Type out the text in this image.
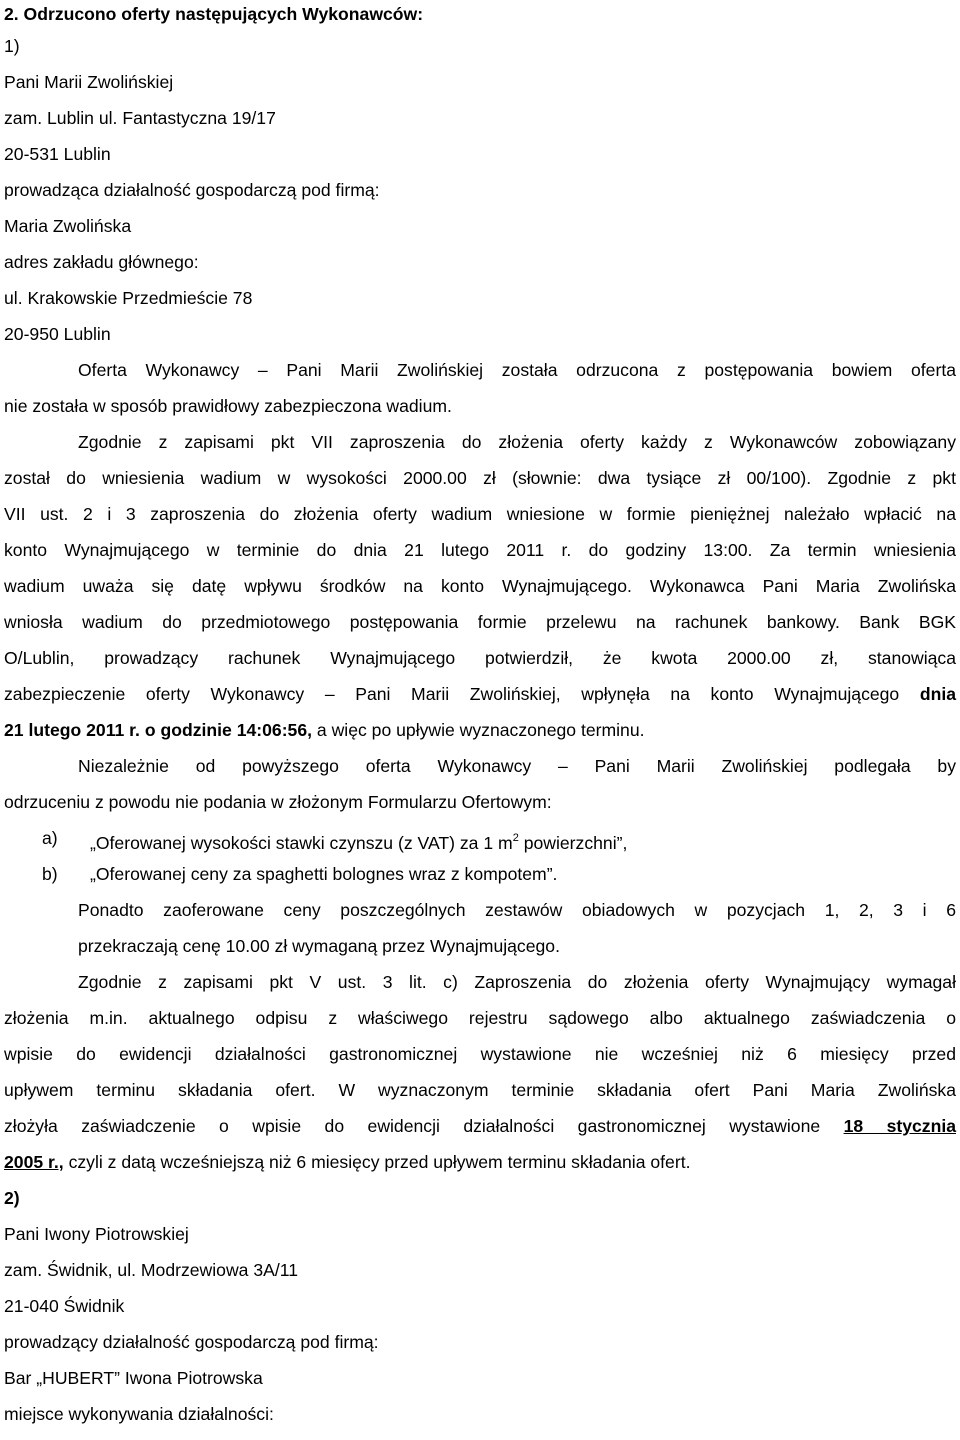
2. Odrzucono oferty następujących Wykonawców:
1)
Pani Marii Zwolińskiej
zam. Lublin ul. Fantastyczna 19/17
20-531 Lublin
prowadząca działalność gospodarczą pod firmą:
Maria Zwolińska
adres zakładu głównego:
ul. Krakowskie Przedmieście 78
20-950 Lublin
Oferta Wykonawcy – Pani Marii Zwolińskiej została odrzucona z postępowania bowiem oferta
nie została w sposób prawidłowy zabezpieczona wadium.
Zgodnie z zapisami pkt VII zaproszenia do złożenia oferty każdy z Wykonawców zobowiązany
został do wniesienia wadium w wysokości 2000.00 zł (słownie: dwa tysiące zł 00/100). Zgodnie z pkt
VII ust. 2 i 3 zaproszenia do złożenia oferty wadium wniesione w formie pieniężnej należało wpłacić na
konto Wynajmującego w terminie do dnia 21 lutego 2011 r. do godziny 13:00. Za termin wniesienia
wadium uważa się datę wpływu środków na konto Wynajmującego. Wykonawca Pani Maria Zwolińska
wniosła wadium do przedmiotowego postępowania formie przelewu na rachunek bankowy. Bank BGK
O/Lublin, prowadzący rachunek Wynajmującego potwierdził, że kwota 2000.00 zł, stanowiąca
zabezpieczenie oferty Wykonawcy – Pani Marii Zwolińskiej, wpłynęła na konto Wynajmującego dnia
21 lutego 2011 r. o godzinie 14:06:56, a więc po upływie wyznaczonego terminu.
Niezależnie od powyższego oferta Wykonawcy – Pani Marii Zwolińskiej podlegała by
odrzuceniu z powodu nie podania w złożonym Formularzu Ofertowym:
a) „Oferowanej wysokości stawki czynszu (z VAT) za 1 $m^2$ powierzchni”,
b) „Oferowanej ceny za spaghetti bolognes wraz z kompotem”.
Ponadto zaoferowane ceny poszczególnych zestawów obiadowych w pozycjach 1, 2, 3 i 6
przekraczają cenę 10.00 zł wymaganą przez Wynajmującego.
Zgodnie z zapisami pkt V ust. 3 lit. c) Zaproszenia do złożenia oferty Wynajmujący wymagał
złożenia m.in. aktualnego odpisu z właściwego rejestru sądowego albo aktualnego zaświadczenia o
wpisie do ewidencji działalności gastronomicznej wystawione nie wcześniej niż 6 miesięcy przed
upływem terminu składania ofert. W wyznaczonym terminie składania ofert Pani Maria Zwolińska
złożyła zaświadczenie o wpisie do ewidencji działalności gastronomicznej wystawione 18 stycznia
2005 r., czyli z datą wcześniejszą niż 6 miesięcy przed upływem terminu składania ofert.
2)
Pani Iwony Piotrowskiej
zam. Świdnik, ul. Modrzewiowa 3A/11
21-040 Świdnik
prowadzący działalność gospodarczą pod firmą:
Bar „HUBERT” Iwona Piotrowska
miejsce wykonywania działalności:
